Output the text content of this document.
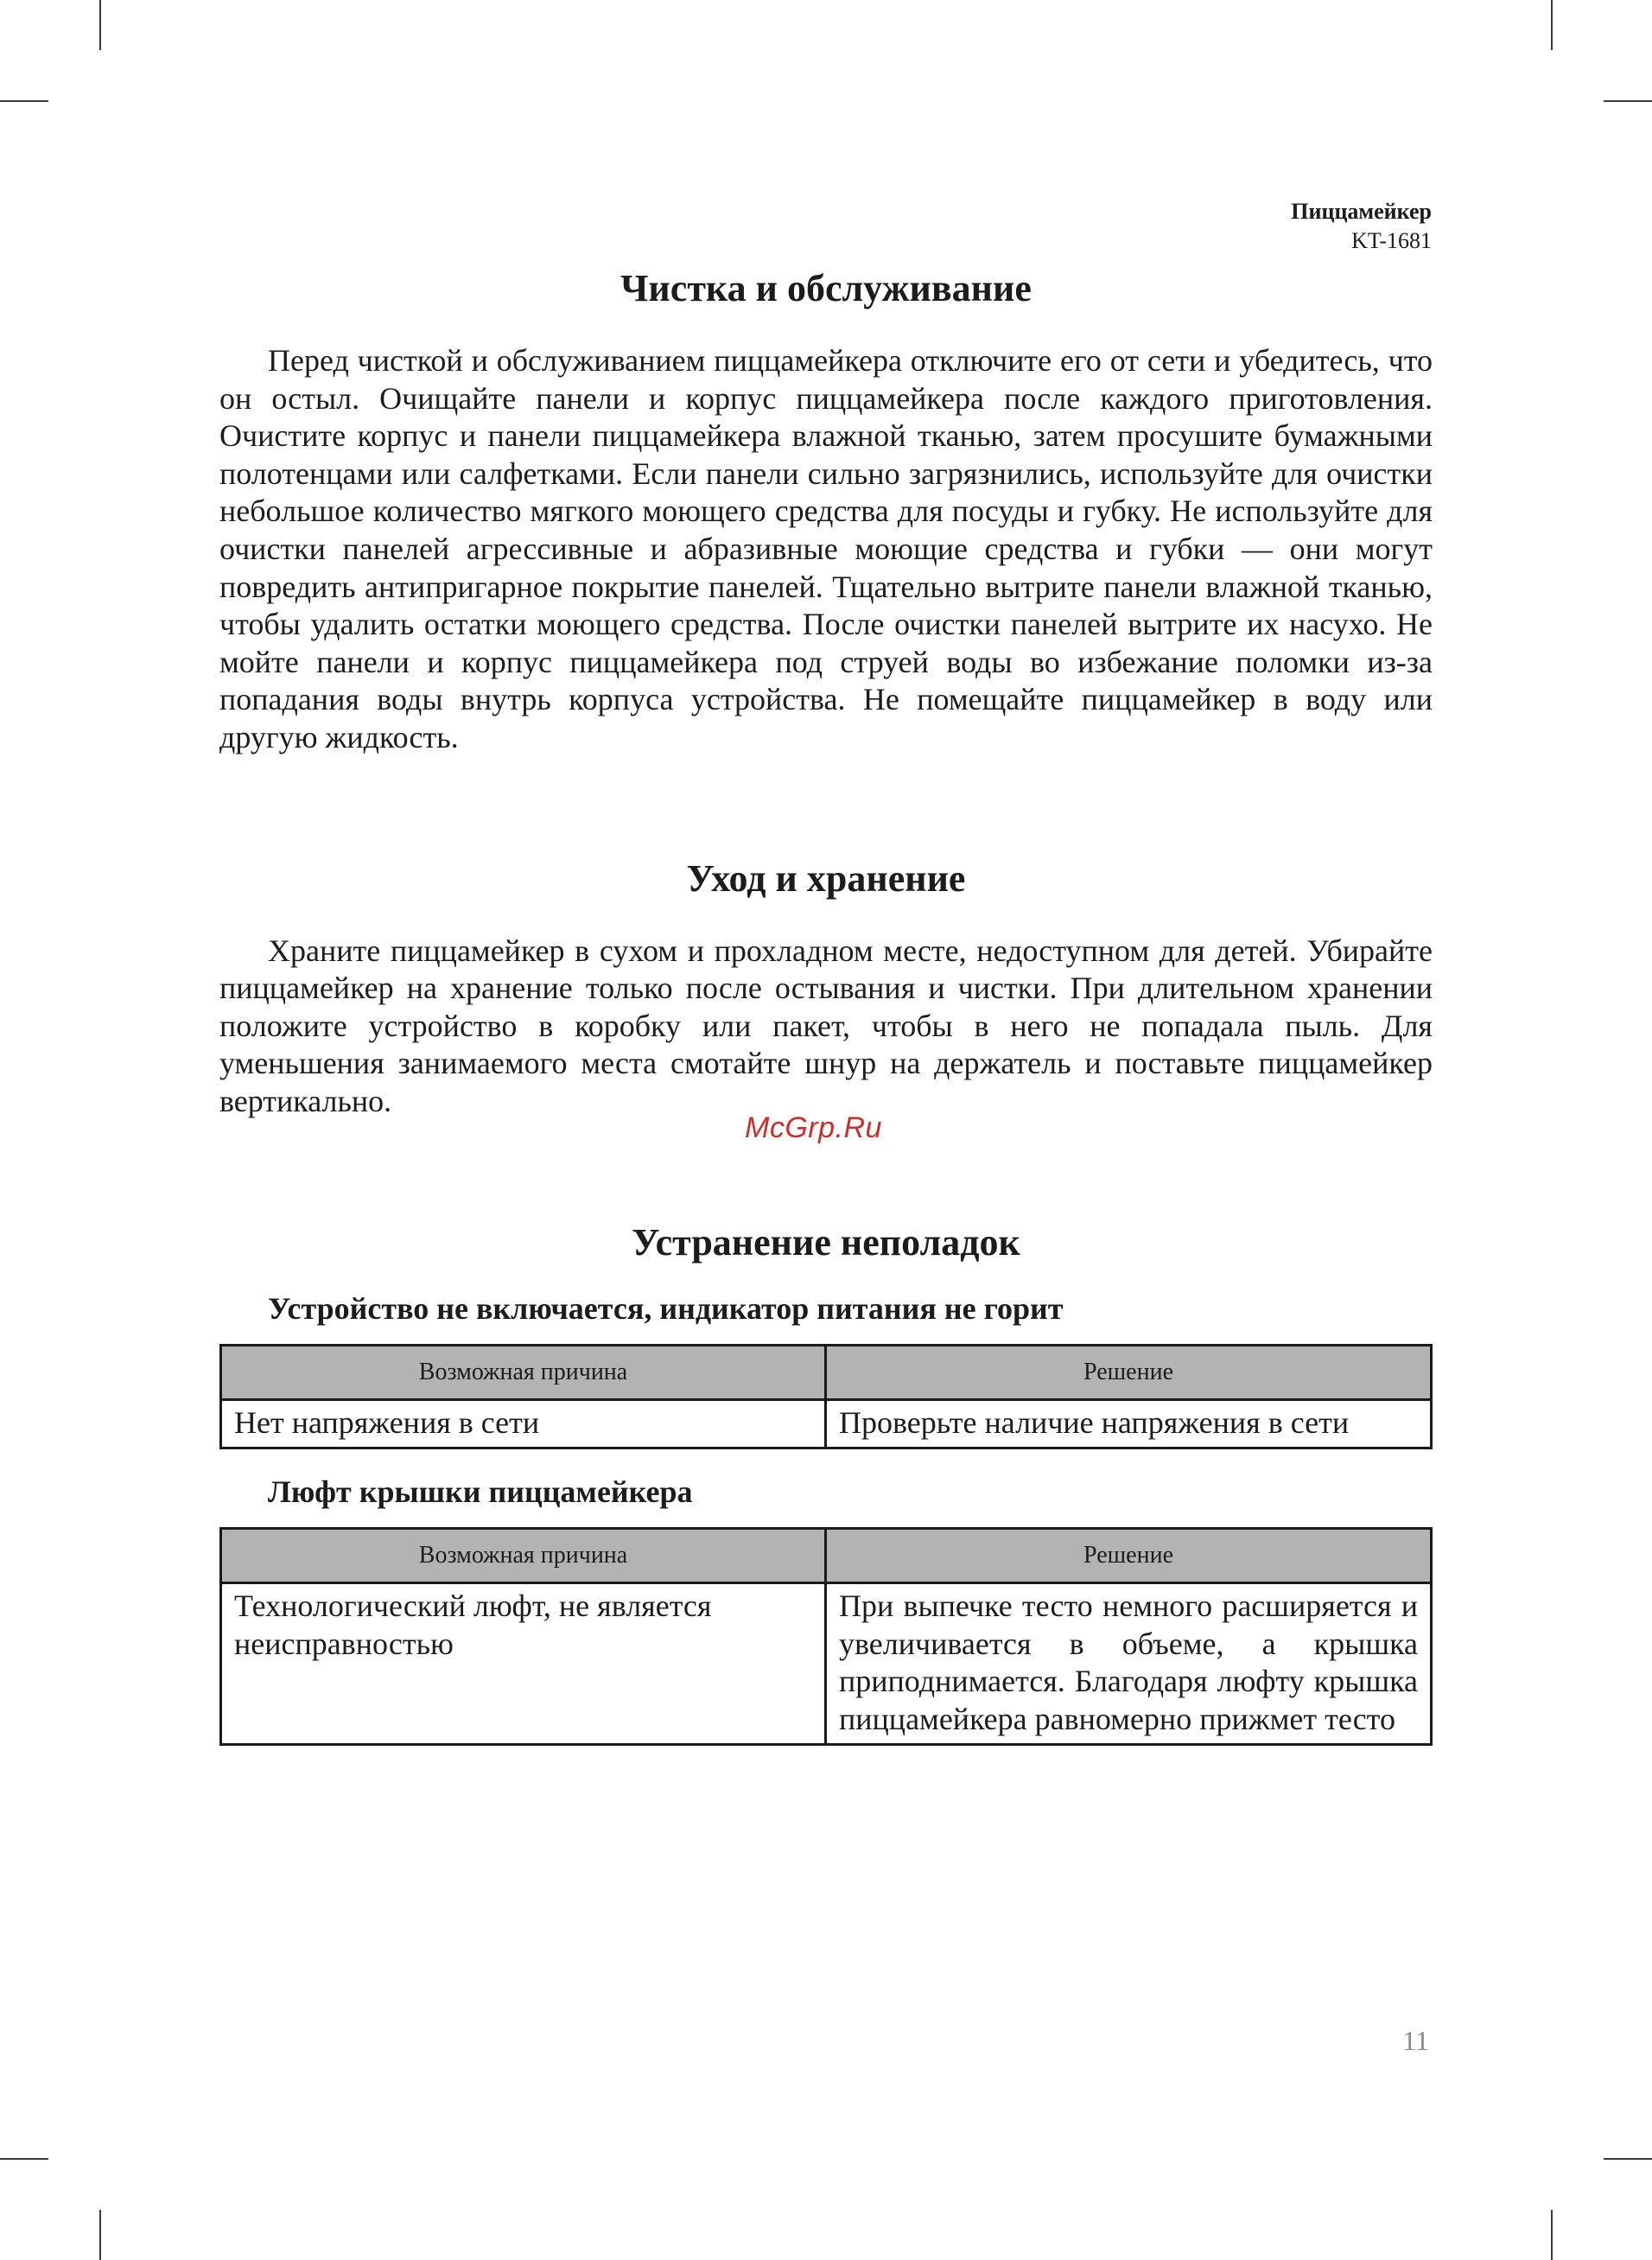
Пиццамейкер
KT-1681
Чистка и обслуживание

Перед чисткой и обслуживанием пиццамейкера отключите его от сети и убедитесь, что он остыл. Очищайте панели и корпус пиццамейкера после каждого приготовления. Очистите корпус и панели пиццамейкера влажной тканью, затем просушите бумажными полотенцами или салфетками. Если панели сильно загрязнились, используйте для очистки небольшое количество мягкого моющего средства для посуды и губку. Не используйте для очистки панелей агрессивные и абразивные моющие средства и губки — они могут повредить антипригарное покрытие панелей. Тщательно вытрите панели влажной тканью, чтобы удалить остатки моющего средства. После очистки панелей вытрите их насухо. Не мойте панели и корпус пиццамейкера под струей воды во избежание поломки из-за попадания воды внутрь корпуса устройства. Не помещайте пиццамейкер в воду или другую жидкость.

Уход и хранение

Храните пиццамейкер в сухом и прохладном месте, недоступном для детей. Убирайте пиццамейкер на хранение только после остывания и чистки. При длительном хранении положите устройство в коробку или пакет, чтобы в него не попадала пыль. Для уменьшения занимаемого места смотайте шнур на держатель и поставьте пиццамейкер вертикально.

Устранение неполадок
Устройство не включается, индикатор питания не горит
Возможная причина	Решение
Нет напряжения в сети	Проверьте наличие напряжения в сети
Люфт крышки пиццамейкера
Возможная причина	Решение
Технологический люфт, не является неисправностью	При выпечке тесто немного расширяется и увеличивается в объеме, а крышка приподнимается. Благодаря люфту крышка пиццамейкера равномерно прижмет тесто
McGrp.Ru
11
